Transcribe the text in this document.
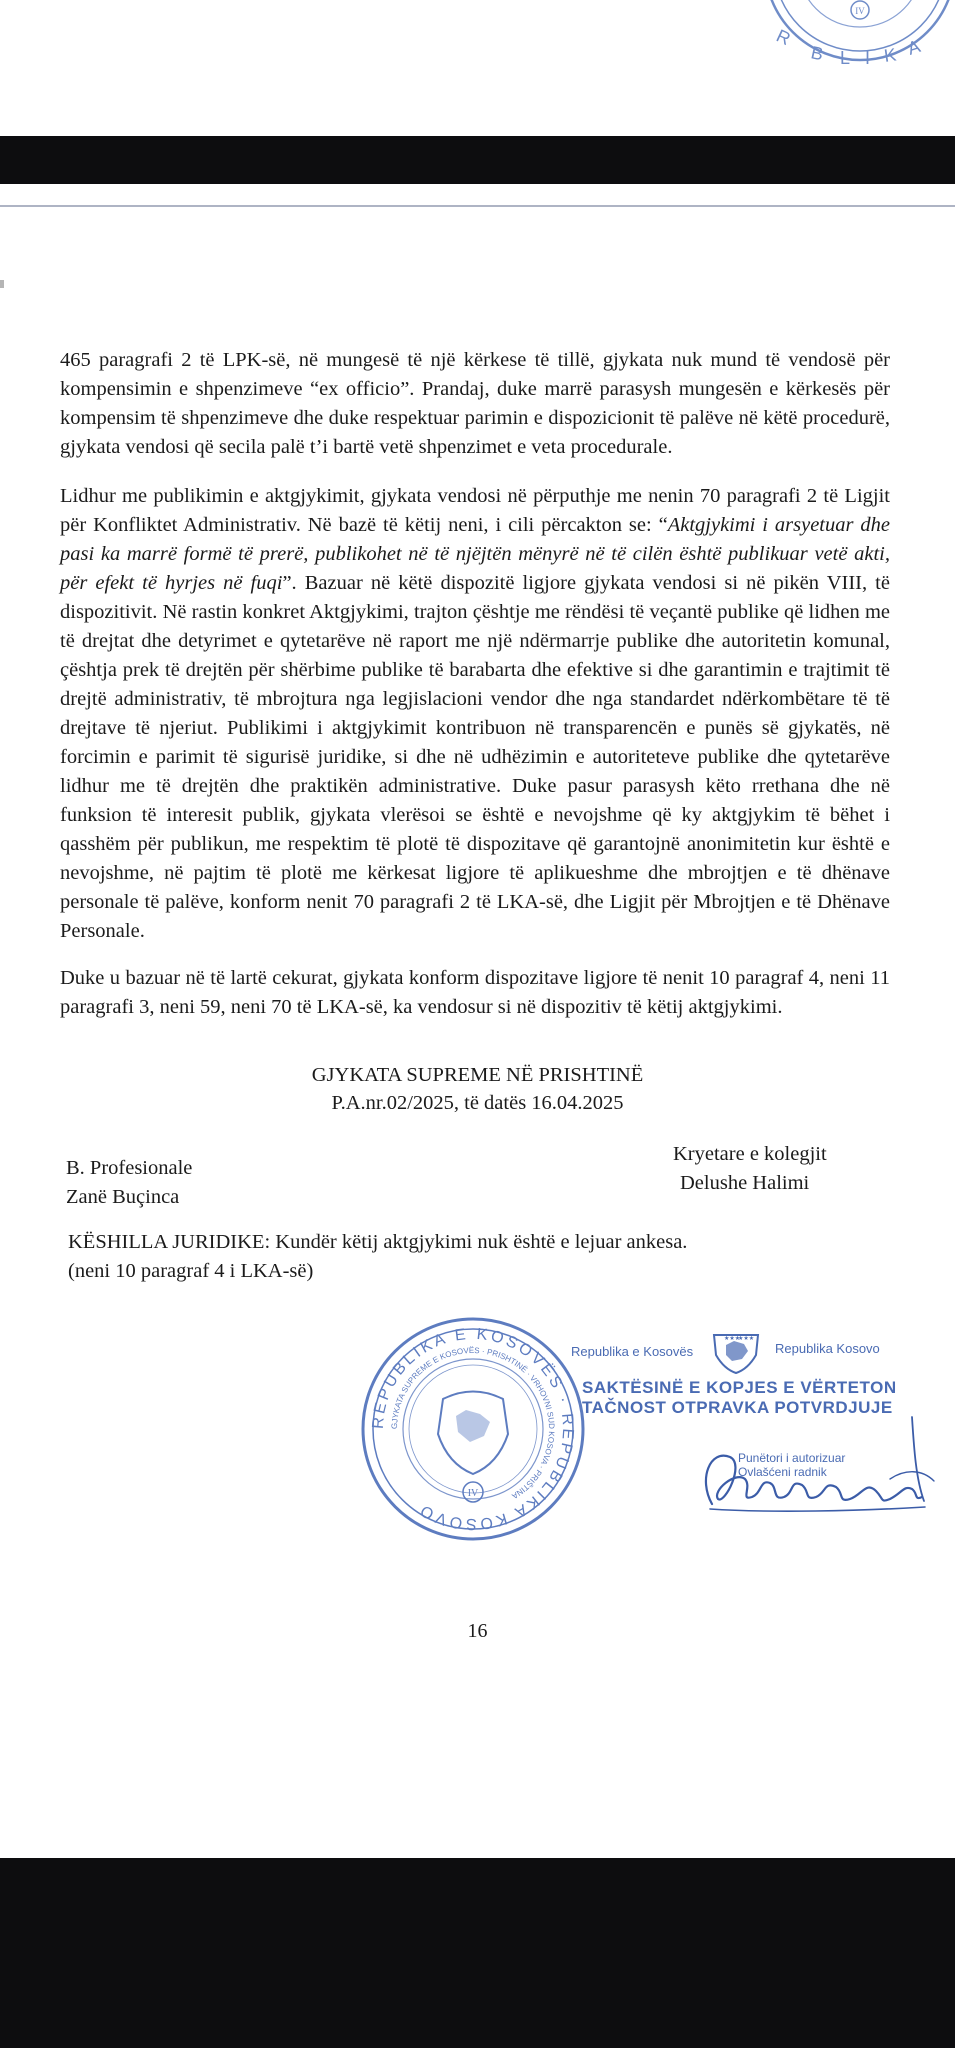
IV
R
B L I K A

465 paragrafi 2 të LPK-së, në mungesë të një kërkese të tillë, gjykata nuk mund të vendosë për kompensimin e shpenzimeve “ex officio”. Prandaj, duke marrë parasysh mungesën e kërkesës për kompensim të shpenzimeve dhe duke respektuar parimin e dispozicionit të palëve në këtë procedurë, gjykata vendosi që secila palë t’i bartë vetë shpenzimet e veta procedurale.

Lidhur me publikimin e aktgjykimit, gjykata vendosi në përputhje me nenin 70 paragrafi 2 të Ligjit për Konfliktet Administrativ. Në bazë të këtij neni, i cili përcakton se: “Aktgjykimi i arsyetuar dhe pasi ka marrë formë të prerë, publikohet në të njëjtën mënyrë në të cilën është publikuar vetë akti, për efekt të hyrjes në fuqi”. Bazuar në këtë dispozitë ligjore gjykata vendosi si në pikën VIII, të dispozitivit. Në rastin konkret Aktgjykimi, trajton çështje me rëndësi të veçantë publike që lidhen me të drejtat dhe detyrimet e qytetarëve në raport me një ndërmarrje publike dhe autoritetin komunal, çështja prek të drejtën për shërbime publike të barabarta dhe efektive si dhe garantimin e trajtimit të drejtë administrativ, të mbrojtura nga legjislacioni vendor dhe nga standardet ndërkombëtare të të drejtave të njeriut. Publikimi i aktgjykimit kontribuon në transparencën e punës së gjykatës, në forcimin e parimit të sigurisë juridike, si dhe në udhëzimin e autoriteteve publike dhe qytetarëve lidhur me të drejtën dhe praktikën administrative. Duke pasur parasysh këto rrethana dhe në funksion të interesit publik, gjykata vlerësoi se është e nevojshme që ky aktgjykim të bëhet i qasshëm për publikun, me respektim të plotë të dispozitave që garantojnë anonimitetin kur është e nevojshme, në pajtim të plotë me kërkesat ligjore të aplikueshme dhe mbrojtjen e të dhënave personale të palëve, konform nenit 70 paragrafi 2 të LKA-së, dhe Ligjit për Mbrojtjen e të Dhënave Personale.

Duke u bazuar në të lartë cekurat, gjykata konform dispozitave ligjore të nenit 10 paragraf 4, neni 11 paragrafi 3, neni 59, neni 70 të LKA-së, ka vendosur si në dispozitiv të këtij aktgjykimi.

GJYKATA SUPREME NË PRISHTINË
P.A.nr.02/2025, të datës 16.04.2025
B. Profesionale
Zanë Buçinca
Kryetare e kolegjit
Delushe Halimi
KËSHILLA JURIDIKE: Kundër këtij aktgjykimi nuk është e lejuar ankesa.
(neni 10 paragraf 4 i LKA-së)
IV
REPUBLIKA E KOSOVËS · REPUBLIKA KOSOVO
GJYKATA SUPREME E KOSOVËS · PRISHTINË · VRHOVNI SUD KOSOVA · PRIŠTINA
Republika e Kosovës
★★★
★★★
Republika Kosovo
SAKTËSINË E KOPJES E VËRTETON
TAČNOST OTPRAVKA POTVRDJUJE
Punëtori i autorizuar
Ovlašćeni radnik
16
